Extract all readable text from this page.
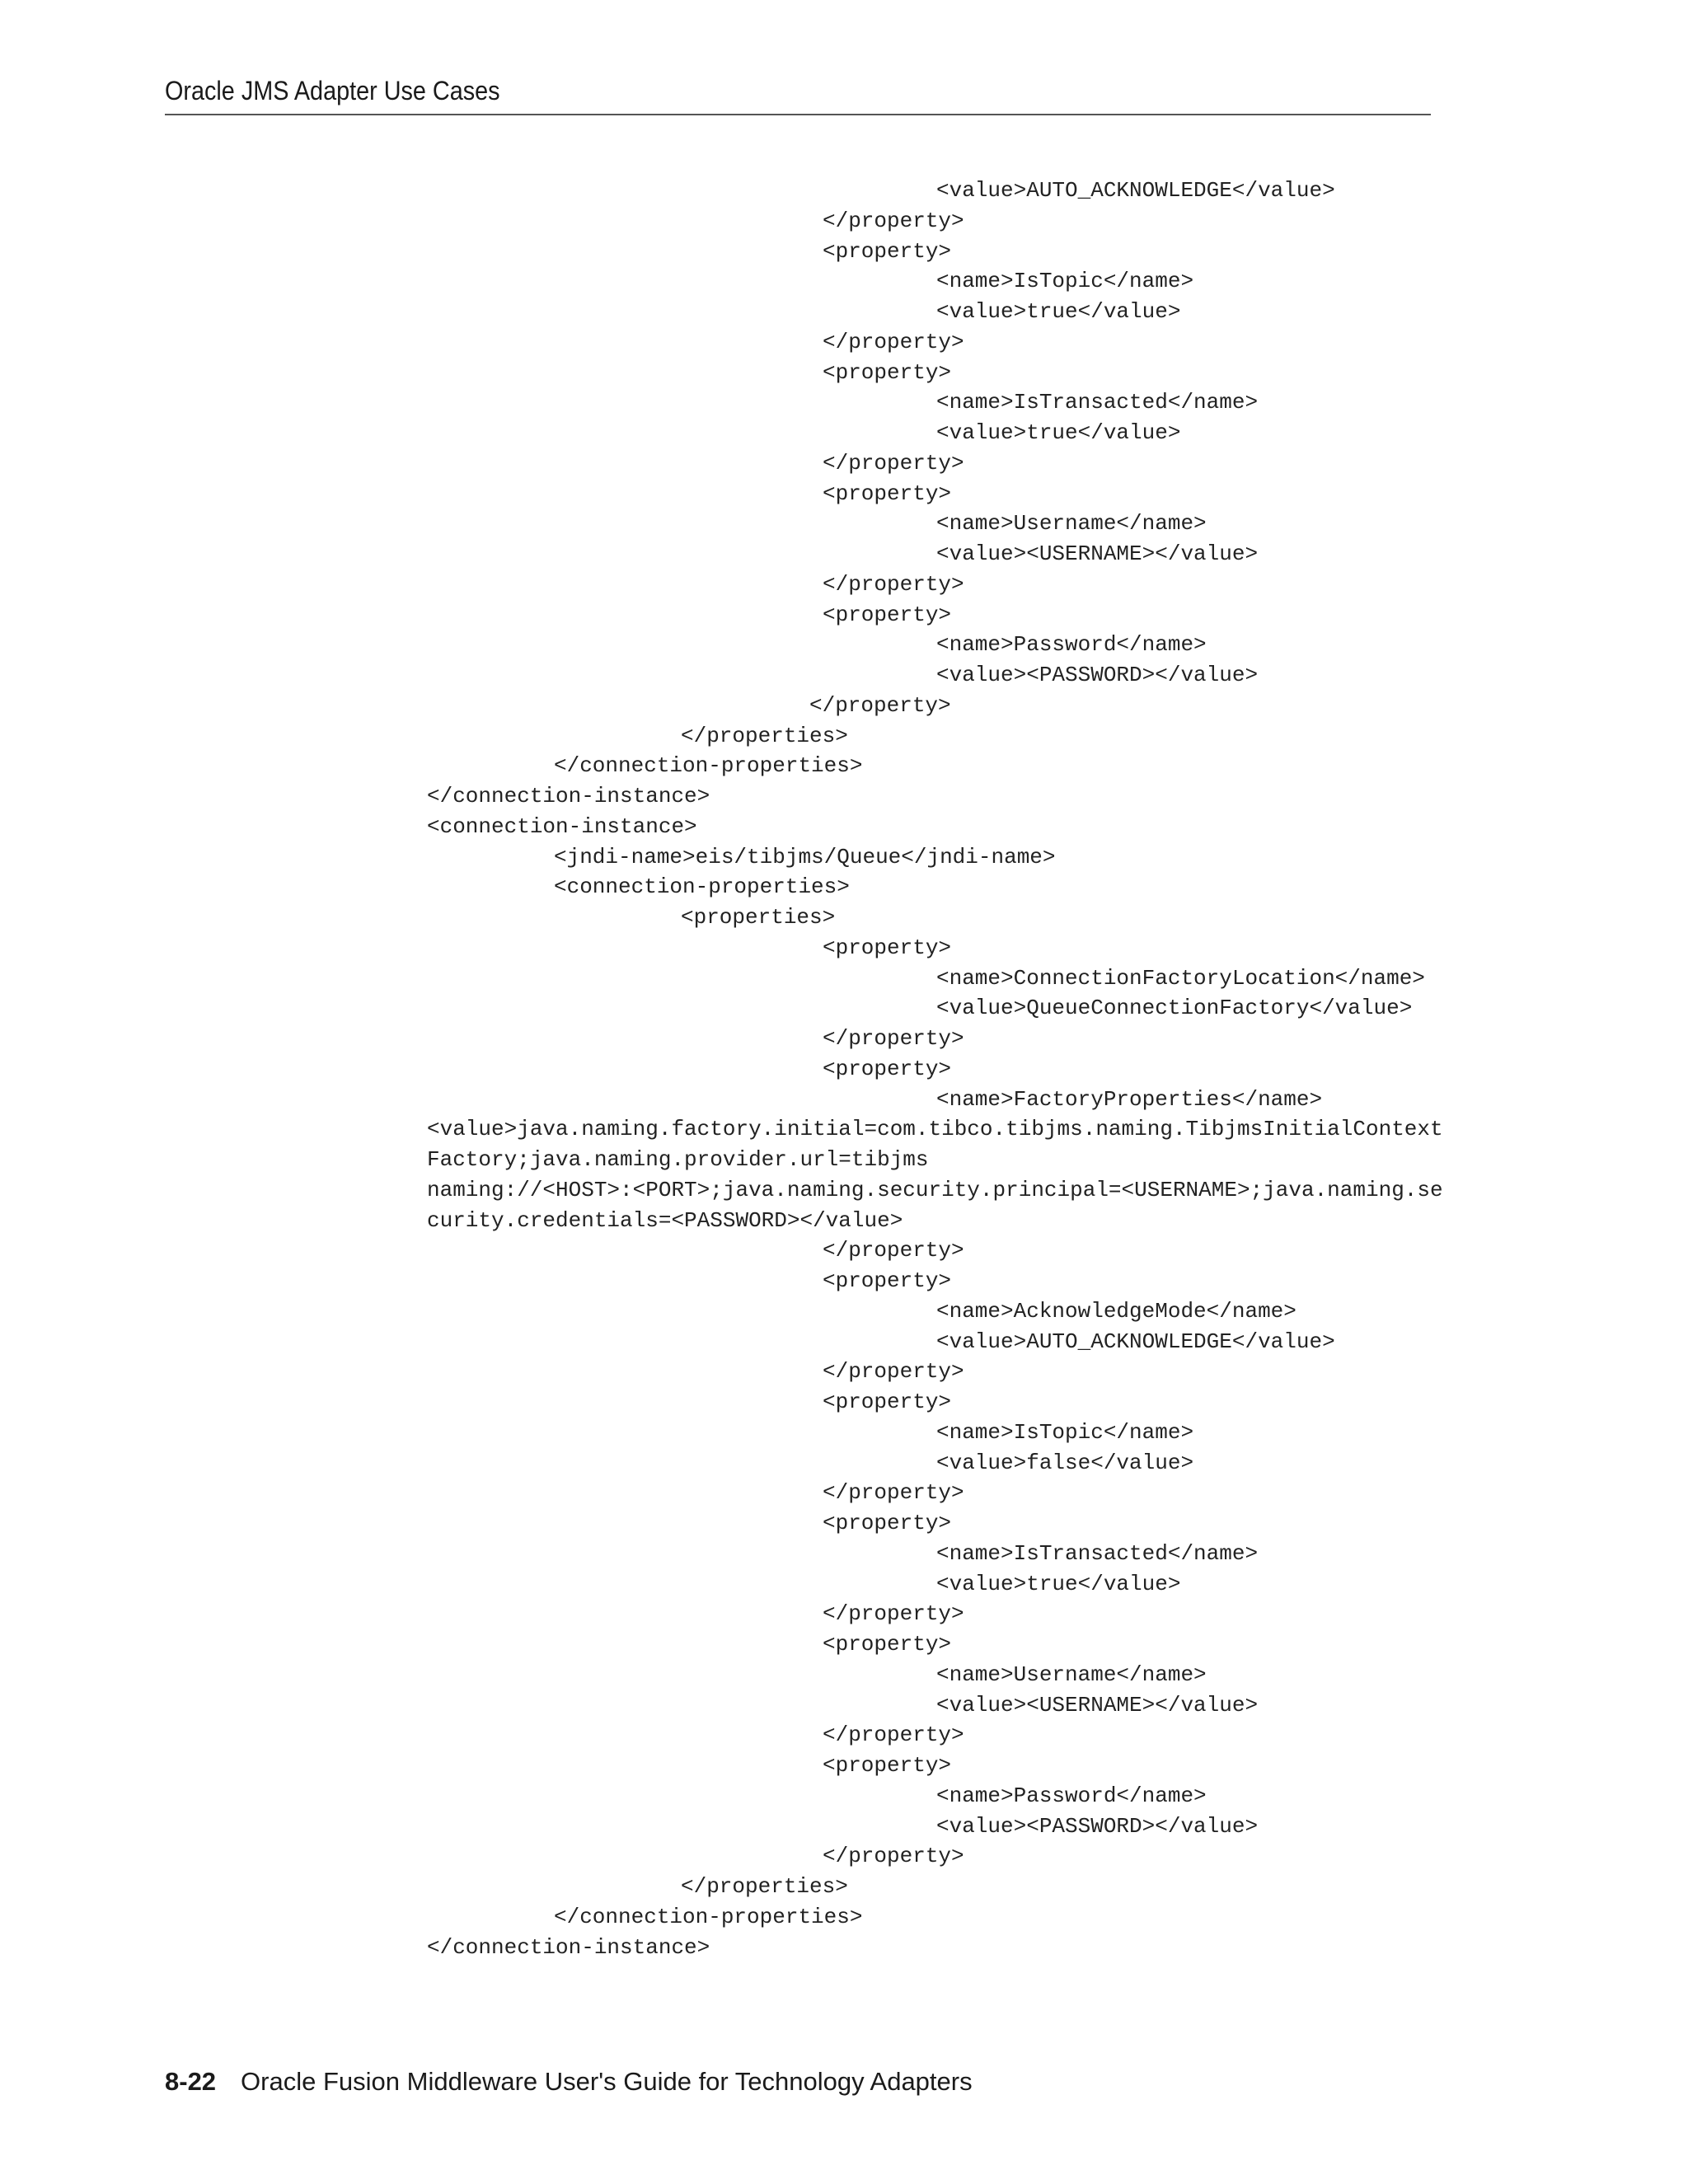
Oracle JMS Adapter Use Cases
<value>AUTO_ACKNOWLEDGE</value>
</property>
<property>
<name>IsTopic</name>
<value>true</value>
</property>
<property>
<name>IsTransacted</name>
<value>true</value>
</property>
<property>
<name>Username</name>
<value><USERNAME></value>
</property>
<property>
<name>Password</name>
<value><PASSWORD></value>
</property>
</properties>
</connection-properties>
</connection-instance>
<connection-instance>
<jndi-name>eis/tibjms/Queue</jndi-name>
<connection-properties>
<properties>
<property>
<name>ConnectionFactoryLocation</name>
<value>QueueConnectionFactory</value>
</property>
<property>
<name>FactoryProperties</name>
<value>java.naming.factory.initial=com.tibco.tibjms.naming.TibjmsInitialContext
Factory;java.naming.provider.url=tibjms
naming://<HOST>:<PORT>;java.naming.security.principal=<USERNAME>;java.naming.se
curity.credentials=<PASSWORD></value>
</property>
<property>
<name>AcknowledgeMode</name>
<value>AUTO_ACKNOWLEDGE</value>
</property>
<property>
<name>IsTopic</name>
<value>false</value>
</property>
<property>
<name>IsTransacted</name>
<value>true</value>
</property>
<property>
<name>Username</name>
<value><USERNAME></value>
</property>
<property>
<name>Password</name>
<value><PASSWORD></value>
</property>
</properties>
</connection-properties>
</connection-instance>
8-22 Oracle Fusion Middleware User's Guide for Technology Adapters
